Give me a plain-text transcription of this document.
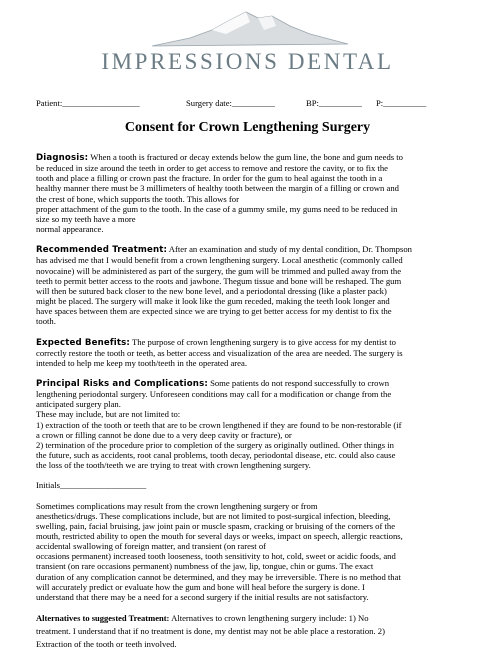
IMPRESSIONS DENTAL
Patient:__________________	Surgery date:__________	BP:__________ P:__________
Consent for Crown Lengthening Surgery

Diagnosis: When a tooth is fractured or decay extends below the gum line, the bone and gum needs to
be reduced in size around the teeth in order to get access to remove and restore the cavity, or to fix the
tooth and place a filling or crown past the fracture. In order for the gum to heal against the tooth in a
healthy manner there must be 3 millimeters of healthy tooth between the margin of a filling or crown and
the crest of bone, which supports the tooth. This allows for
proper attachment of the gum to the tooth. In the case of a gummy smile, my gums need to be reduced in
size so my teeth have a more
normal appearance.

Recommended Treatment: After an examination and study of my dental condition, Dr. Thompson
has advised me that I would benefit from a crown lengthening surgery. Local anesthetic (commonly called
novocaine) will be administered as part of the surgery, the gum will be trimmed and pulled away from the
teeth to permit better access to the roots and jawbone. Thegum tissue and bone will be reshaped. The gum
will then be sutured back closer to the new bone level, and a periodontal dressing (like a plaster pack)
might be placed. The surgery will make it look like the gum receded, making the teeth look longer and
have spaces between them are expected since we are trying to get better access for my dentist to fix the
tooth.

Expected Benefits: The purpose of crown lengthening surgery is to give access for my dentist to
correctly restore the tooth or teeth, as better access and visualization of the area are needed. The surgery is
intended to help me keep my tooth/teeth in the operated area.

Principal Risks and Complications: Some patients do not respond successfully to crown
lengthening periodontal surgery. Unforeseen conditions may call for a modification or change from the
anticipated surgery plan.
These may include, but are not limited to:
1) extraction of the tooth or teeth that are to be crown lengthened if they are found to be non-restorable (if
a crown or filling cannot be done due to a very deep cavity or fracture), or
2) termination of the procedure prior to completion of the surgery as originally outlined. Other things in
the future, such as accidents, root canal problems, tooth decay, periodontal disease, etc. could also cause
the loss of the tooth/teeth we are trying to treat with crown lengthening surgery.

Initials____________________

Sometimes complications may result from the crown lengthening surgery or from
anesthetics/drugs. These complications include, but are not limited to post-surgical infection, bleeding,
swelling, pain, facial bruising, jaw joint pain or muscle spasm, cracking or bruising of the corners of the
mouth, restricted ability to open the mouth for several days or weeks, impact on speech, allergic reactions,
accidental swallowing of foreign matter, and transient (on rarest of
occasions permanent) increased tooth looseness, tooth sensitivity to hot, cold, sweet or acidic foods, and
transient (on rare occasions permanent) numbness of the jaw, lip, tongue, chin or gums. The exact
duration of any complication cannot be determined, and they may be irreversible. There is no method that
will accurately predict or evaluate how the gum and bone will heal before the surgery is done. I
understand that there may be a need for a second surgery if the initial results are not satisfactory.

Alternatives to suggested Treatment: Alternatives to crown lengthening surgery include: 1) No
treatment. I understand that if no treatment is done, my dentist may not be able place a restoration. 2)
Extraction of the tooth or teeth involved.
